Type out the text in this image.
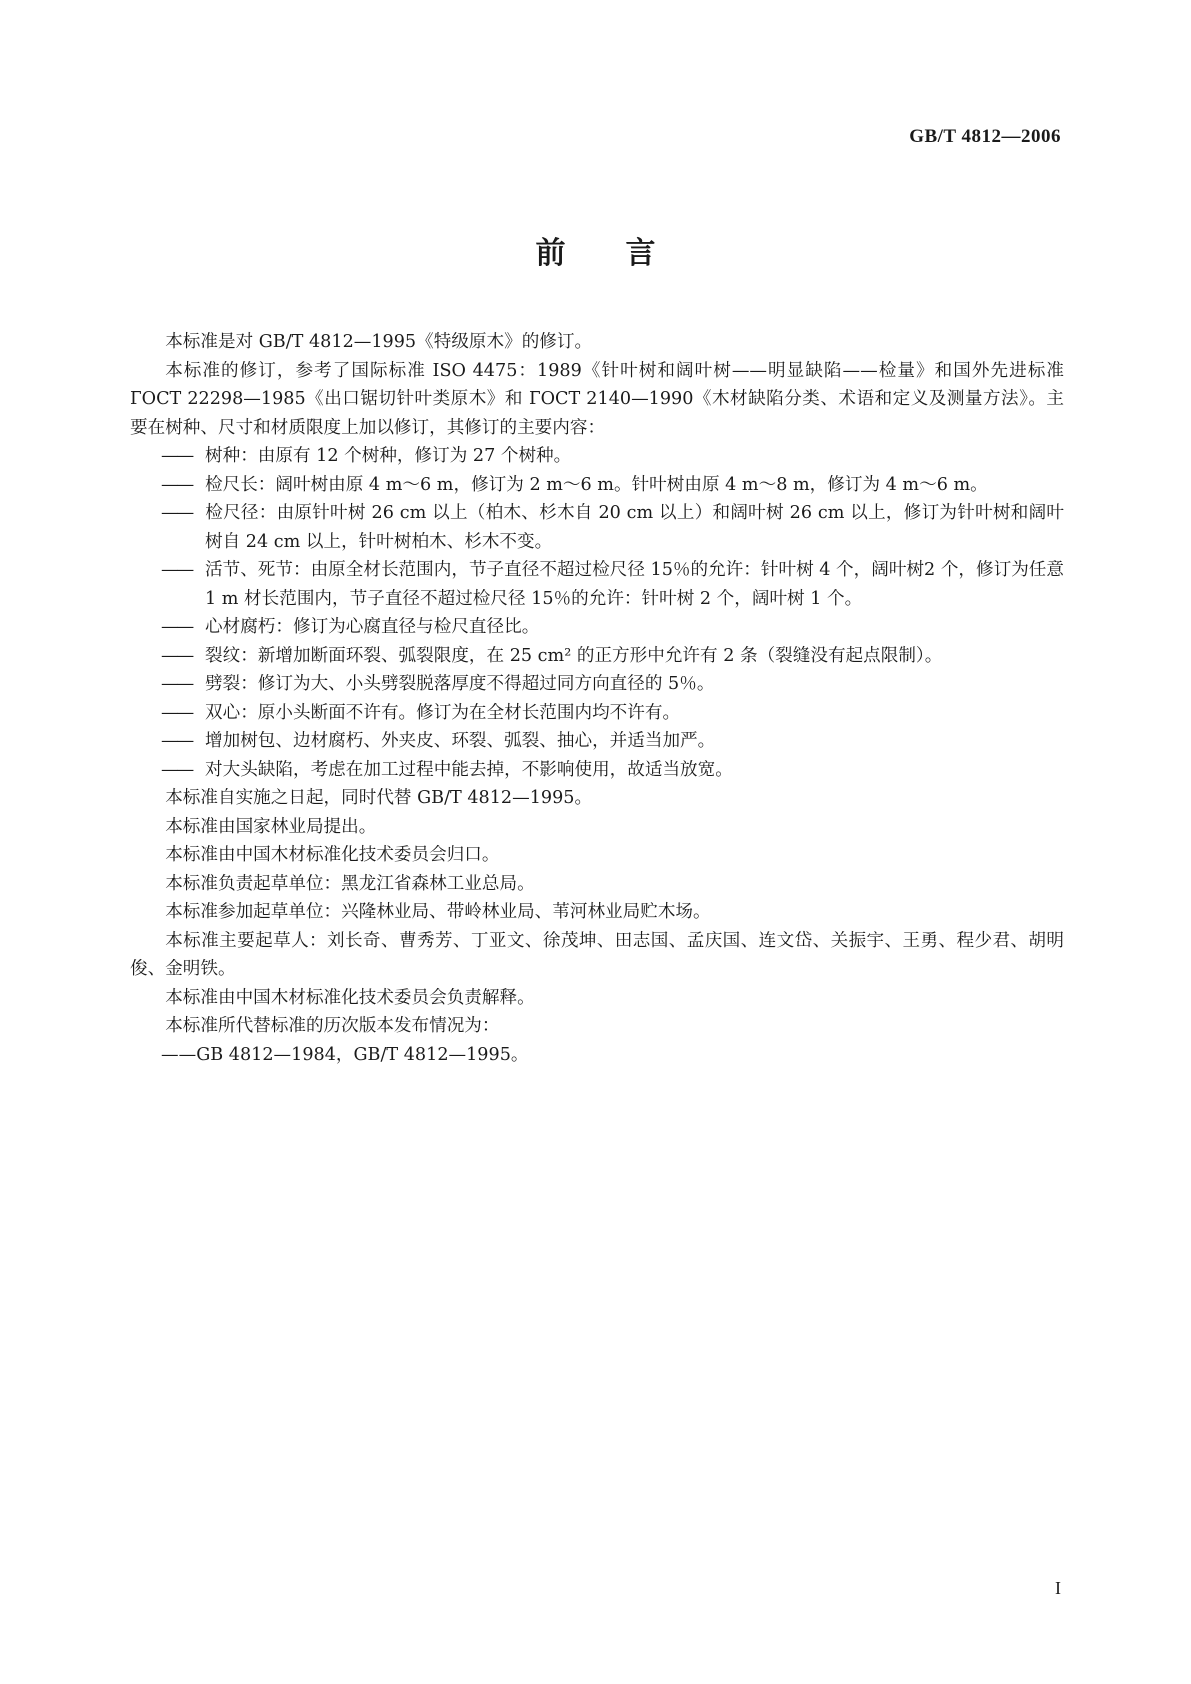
GB/T 4812—2006
前言

本标准是对 GB/T 4812—1995《特级原木》的修订。

本标准的修订，参考了国际标准 ISO 4475：1989《针叶树和阔叶树——明显缺陷——检量》和国外先进标准 ГОСТ 22298—1985《出口锯切针叶类原木》和 ГОСТ 2140—1990《木材缺陷分类、术语和定义及测量方法》。主要在树种、尺寸和材质限度上加以修订，其修订的主要内容：

—— 树种：由原有 12 个树种，修订为 27 个树种。

—— 检尺长：阔叶树由原 4 m～6 m，修订为 2 m～6 m。针叶树由原 4 m～8 m，修订为 4 m～6 m。

—— 检尺径：由原针叶树 26 cm 以上（柏木、杉木自 20 cm 以上）和阔叶树 26 cm 以上，修订为针叶树和阔叶树自 24 cm 以上，针叶树柏木、杉木不变。

—— 活节、死节：由原全材长范围内，节子直径不超过检尺径 15％的允许：针叶树 4 个，阔叶树2 个，修订为任意 1 m 材长范围内，节子直径不超过检尺径 15％的允许：针叶树 2 个，阔叶树 1 个。

—— 心材腐朽：修订为心腐直径与检尺直径比。

—— 裂纹：新增加断面环裂、弧裂限度，在 25 cm² 的正方形中允许有 2 条（裂缝没有起点限制）。

—— 劈裂：修订为大、小头劈裂脱落厚度不得超过同方向直径的 5％。

—— 双心：原小头断面不许有。修订为在全材长范围内均不许有。

—— 增加树包、边材腐朽、外夹皮、环裂、弧裂、抽心，并适当加严。

—— 对大头缺陷，考虑在加工过程中能去掉，不影响使用，故适当放宽。

本标准自实施之日起，同时代替 GB/T 4812—1995。

本标准由国家林业局提出。

本标准由中国木材标准化技术委员会归口。

本标准负责起草单位：黑龙江省森林工业总局。

本标准参加起草单位：兴隆林业局、带岭林业局、苇河林业局贮木场。

本标准主要起草人：刘长奇、曹秀芳、丁亚文、徐茂坤、田志国、孟庆国、连文岱、关振宇、王勇、程少君、胡明俊、金明铁。

本标准由中国木材标准化技术委员会负责解释。

本标准所代替标准的历次版本发布情况为：

——GB 4812—1984，GB/T 4812—1995。

I
